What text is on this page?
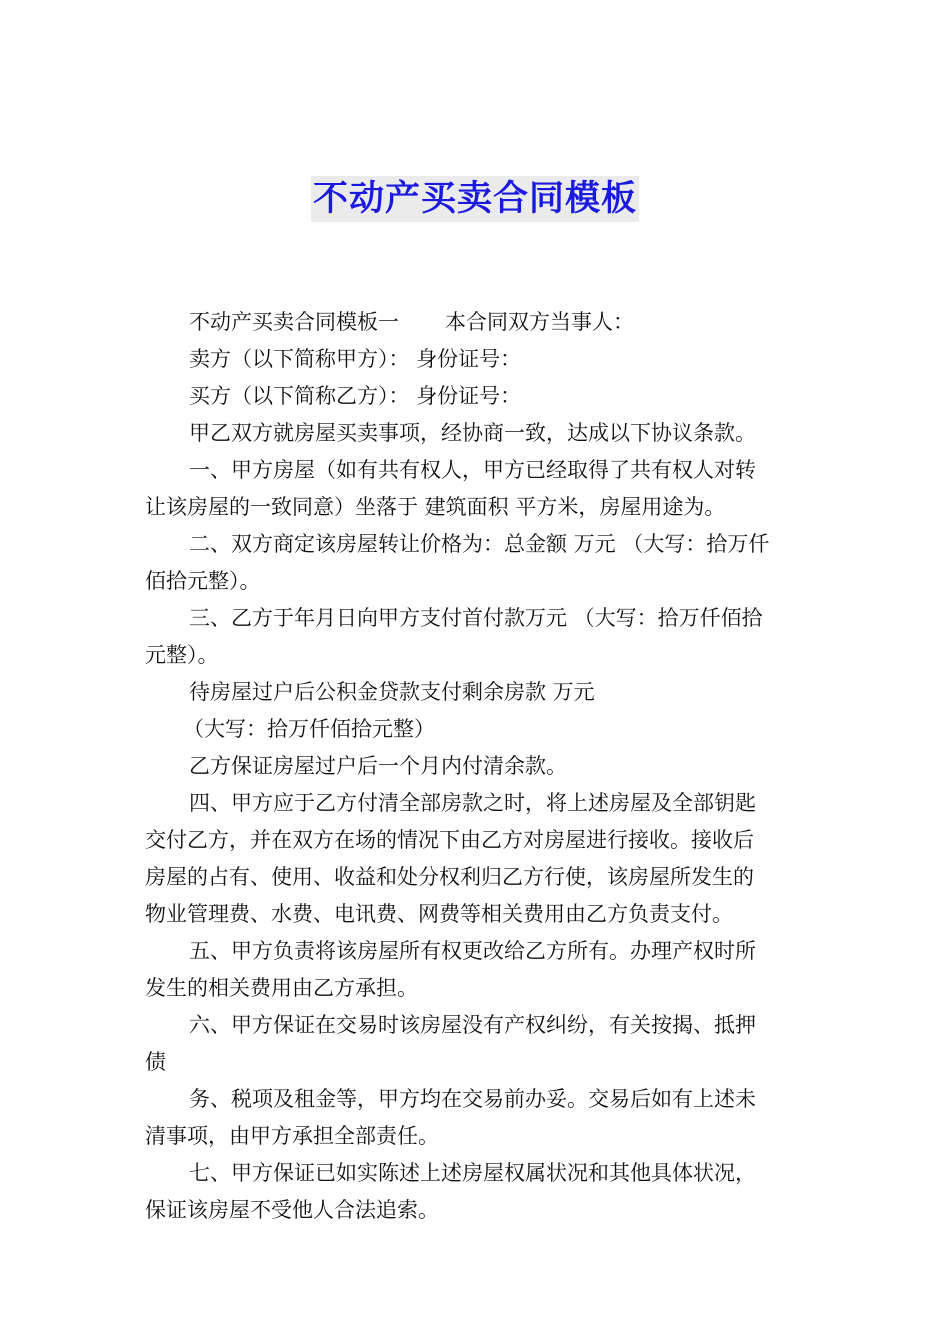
不动产买卖合同模板
不动产买卖合同模板一 本合同双方当事人：
卖方（以下简称甲方）： 身份证号：
买方（以下简称乙方）： 身份证号：
甲乙双方就房屋买卖事项，经协商一致，达成以下协议条款。
一、甲方房屋（如有共有权人，甲方已经取得了共有权人对转
让该房屋的一致同意）坐落于 建筑面积 平方米，房屋用途为。
二、双方商定该房屋转让价格为：总金额 万元 （大写：拾万仟
佰拾元整）。
三、乙方于年月日向甲方支付首付款万元 （大写：拾万仟佰拾
元整）。
待房屋过户后公积金贷款支付剩余房款 万元
（大写：拾万仟佰拾元整）
乙方保证房屋过户后一个月内付清余款。
四、甲方应于乙方付清全部房款之时，将上述房屋及全部钥匙
交付乙方，并在双方在场的情况下由乙方对房屋进行接收。接收后
房屋的占有、使用、收益和处分权利归乙方行使，该房屋所发生的
物业管理费、水费、电讯费、网费等相关费用由乙方负责支付。
五、甲方负责将该房屋所有权更改给乙方所有。办理产权时所
发生的相关费用由乙方承担。
六、甲方保证在交易时该房屋没有产权纠纷，有关按揭、抵押
债
务、税项及租金等，甲方均在交易前办妥。交易后如有上述未
清事项，由甲方承担全部责任。
七、甲方保证已如实陈述上述房屋权属状况和其他具体状况，
保证该房屋不受他人合法追索。
